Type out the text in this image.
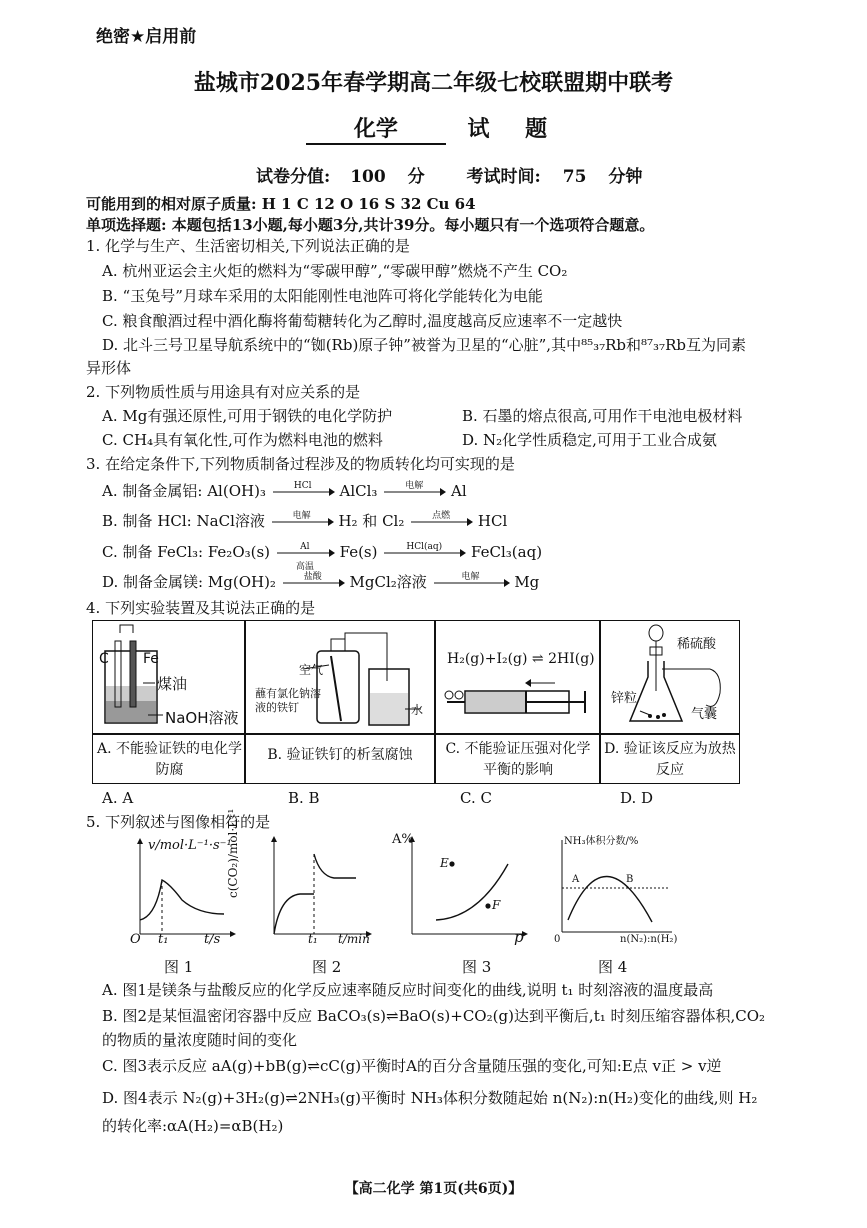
绝密★启用前
盐城市2025年春学期高二年级七校联盟期中联考
化学	试 题
试卷分值: 100 分 考试时间: 75 分钟
可能用到的相对原子质量: H 1 C 12 O 16 S 32 Cu 64
单项选择题: 本题包括13小题,每小题3分,共计39分。每小题只有一个选项符合题意。
1. 化学与生产、生活密切相关,下列说法正确的是
A. 杭州亚运会主火炬的燃料为“零碳甲醇”,“零碳甲醇”燃烧不产生 CO₂
B. “玉兔号”月球车采用的太阳能刚性电池阵可将化学能转化为电能
C. 粮食酿酒过程中酒化酶将葡萄糖转化为乙醇时,温度越高反应速率不一定越快
D. 北斗三号卫星导航系统中的“铷(Rb)原子钟”被誉为卫星的“心脏”,其中⁸⁵₃₇Rb和⁸⁷₃₇Rb互为同素
异形体
2. 下列物质性质与用途具有对应关系的是
A. Mg有强还原性,可用于钢铁的电化学防护	B. 石墨的熔点很高,可用作干电池电极材料
C. CH₄具有氧化性,可作为燃料电池的燃料	D. N₂化学性质稳定,可用于工业合成氨
3. 在给定条件下,下列物质制备过程涉及的物质转化均可实现的是
A. 制备金属铝: Al(OH)₃	HCl	AlCl₃	电解	Al
B. 制备 HCl: NaCl溶液	电解	H₂ 和 Cl₂	点燃	HCl
C. 制备 FeCl₃: Fe₂O₃(s)	Al
高温
Fe(s)	HCl(aq)	FeCl₃(aq)
D. 制备金属镁: Mg(OH)₂	盐酸	MgCl₂溶液	电解	Mg
4. 下列实验装置及其说法正确的是
C Fe
煤油
NaOH溶液
A. 不能验证铁的电化学防腐
空气
蘸有氯化钠溶液的铁钉	水
B. 验证铁钉的析氢腐蚀
H₂(g)+I₂(g) ⇌ 2HI(g)
C. 不能验证压强对化学平衡的影响
稀硫酸
锌粒
气囊
D. 验证该反应为放热反应
A. A	B. B	C. C	D. D
5. 下列叙述与图像相符的是
v/mol·L⁻¹·s⁻¹
O t₁	t/s
图 1
c(CO₂)/mol·L⁻¹
t₁ t/min
图 2
A%
E
F
p
图 3
NH₃体积分数/%
A	B
0	n(N₂):n(H₂)
图 4
A. 图1是镁条与盐酸反应的化学反应速率随反应时间变化的曲线,说明 t₁ 时刻溶液的温度最高
B. 图2是某恒温密闭容器中反应 BaCO₃(s)⇌BaO(s)+CO₂(g)达到平衡后,t₁ 时刻压缩容器体积,CO₂
的物质的量浓度随时间的变化
C. 图3表示反应 aA(g)+bB(g)⇌cC(g)平衡时A的百分含量随压强的变化,可知:E点 v正 > v逆
D. 图4表示 N₂(g)+3H₂(g)⇌2NH₃(g)平衡时 NH₃体积分数随起始 n(N₂):n(H₂)变化的曲线,则 H₂
的转化率:αA(H₂)=αB(H₂)
【高二化学 第1页(共6页)】
